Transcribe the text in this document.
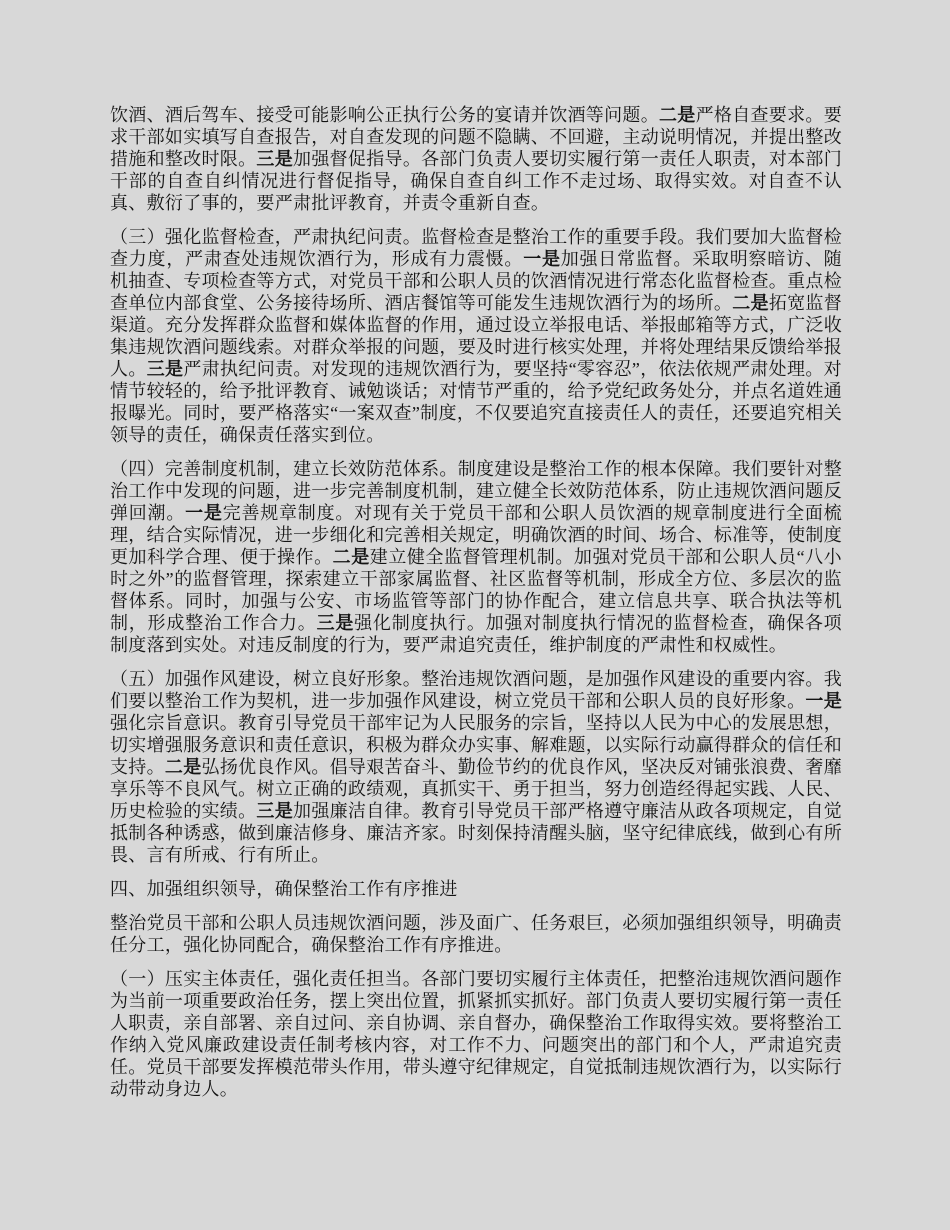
饮酒、酒后驾车、接受可能影响公正执行公务的宴请并饮酒等问题。二是严格自查要求。要求干部如实填写自查报告，对自查发现的问题不隐瞒、不回避，主动说明情况，并提出整改措施和整改时限。三是加强督促指导。各部门负责人要切实履行第一责任人职责，对本部门干部的自查自纠情况进行督促指导，确保自查自纠工作不走过场、取得实效。对自查不认真、敷衍了事的，要严肃批评教育，并责令重新自查。

（三）强化监督检查，严肃执纪问责。监督检查是整治工作的重要手段。我们要加大监督检查力度，严肃查处违规饮酒行为，形成有力震慑。一是加强日常监督。采取明察暗访、随机抽查、专项检查等方式，对党员干部和公职人员的饮酒情况进行常态化监督检查。重点检查单位内部食堂、公务接待场所、酒店餐馆等可能发生违规饮酒行为的场所。二是拓宽监督渠道。充分发挥群众监督和媒体监督的作用，通过设立举报电话、举报邮箱等方式，广泛收集违规饮酒问题线索。对群众举报的问题，要及时进行核实处理，并将处理结果反馈给举报人。三是严肃执纪问责。对发现的违规饮酒行为，要坚持“零容忍”，依法依规严肃处理。对情节较轻的，给予批评教育、诫勉谈话；对情节严重的，给予党纪政务处分，并点名道姓通报曝光。同时，要严格落实“一案双查”制度，不仅要追究直接责任人的责任，还要追究相关领导的责任，确保责任落实到位。

（四）完善制度机制，建立长效防范体系。制度建设是整治工作的根本保障。我们要针对整治工作中发现的问题，进一步完善制度机制，建立健全长效防范体系，防止违规饮酒问题反弹回潮。一是完善规章制度。对现有关于党员干部和公职人员饮酒的规章制度进行全面梳理，结合实际情况，进一步细化和完善相关规定，明确饮酒的时间、场合、标准等，使制度更加科学合理、便于操作。二是建立健全监督管理机制。加强对党员干部和公职人员“八小时之外”的监督管理，探索建立干部家属监督、社区监督等机制，形成全方位、多层次的监督体系。同时，加强与公安、市场监管等部门的协作配合，建立信息共享、联合执法等机制，形成整治工作合力。三是强化制度执行。加强对制度执行情况的监督检查，确保各项制度落到实处。对违反制度的行为，要严肃追究责任，维护制度的严肃性和权威性。

（五）加强作风建设，树立良好形象。整治违规饮酒问题，是加强作风建设的重要内容。我们要以整治工作为契机，进一步加强作风建设，树立党员干部和公职人员的良好形象。一是强化宗旨意识。教育引导党员干部牢记为人民服务的宗旨，坚持以人民为中心的发展思想，切实增强服务意识和责任意识，积极为群众办实事、解难题，以实际行动赢得群众的信任和支持。二是弘扬优良作风。倡导艰苦奋斗、勤俭节约的优良作风，坚决反对铺张浪费、奢靡享乐等不良风气。树立正确的政绩观，真抓实干、勇于担当，努力创造经得起实践、人民、历史检验的实绩。三是加强廉洁自律。教育引导党员干部严格遵守廉洁从政各项规定，自觉抵制各种诱惑，做到廉洁修身、廉洁齐家。时刻保持清醒头脑，坚守纪律底线，做到心有所畏、言有所戒、行有所止。

四、加强组织领导，确保整治工作有序推进

整治党员干部和公职人员违规饮酒问题，涉及面广、任务艰巨，必须加强组织领导，明确责任分工，强化协同配合，确保整治工作有序推进。

（一）压实主体责任，强化责任担当。各部门要切实履行主体责任，把整治违规饮酒问题作为当前一项重要政治任务，摆上突出位置，抓紧抓实抓好。部门负责人要切实履行第一责任人职责，亲自部署、亲自过问、亲自协调、亲自督办，确保整治工作取得实效。要将整治工作纳入党风廉政建设责任制考核内容，对工作不力、问题突出的部门和个人，严肃追究责任。党员干部要发挥模范带头作用，带头遵守纪律规定，自觉抵制违规饮酒行为，以实际行动带动身边人。
